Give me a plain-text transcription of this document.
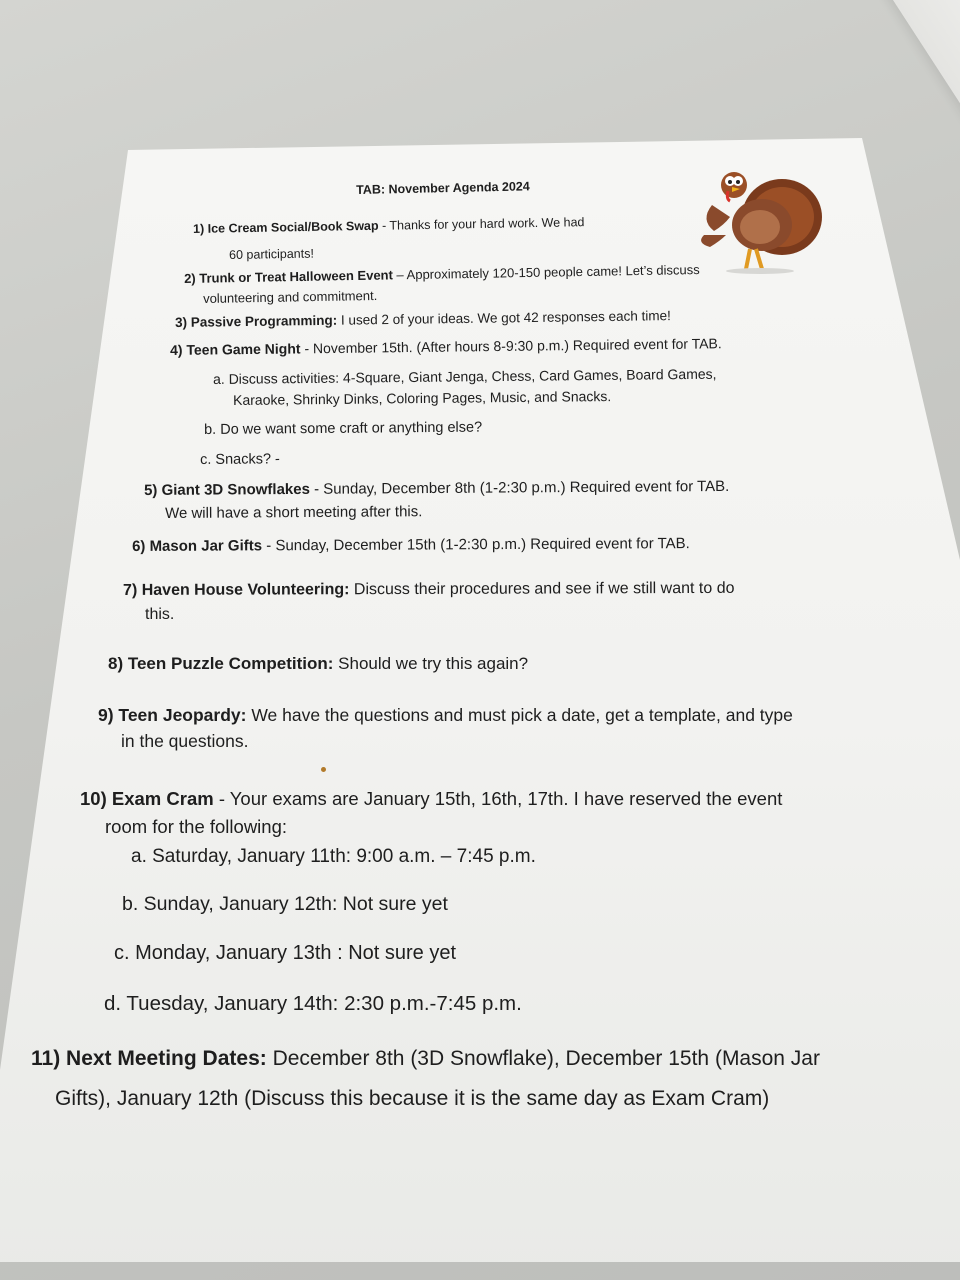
TAB: November Agenda 2024
1) Ice Cream Social/Book Swap - Thanks for your hard work. We had
60 participants!
2) Trunk or Treat Halloween Event – Approximately 120-150 people came! Let’s discuss
volunteering and commitment.
3) Passive Programming: I used 2 of your ideas. We got 42 responses each time!
4) Teen Game Night - November 15th. (After hours 8-9:30 p.m.) Required event for TAB.
a. Discuss activities: 4-Square, Giant Jenga, Chess, Card Games, Board Games,
Karaoke, Shrinky Dinks, Coloring Pages, Music, and Snacks.
b. Do we want some craft or anything else?
c. Snacks? -
5) Giant 3D Snowflakes - Sunday, December 8th (1-2:30 p.m.) Required event for TAB.
We will have a short meeting after this.
6) Mason Jar Gifts - Sunday, December 15th (1-2:30 p.m.) Required event for TAB.
7) Haven House Volunteering: Discuss their procedures and see if we still want to do
this.
8) Teen Puzzle Competition: Should we try this again?
9) Teen Jeopardy: We have the questions and must pick a date, get a template, and type
in the questions.
10) Exam Cram - Your exams are January 15th, 16th, 17th. I have reserved the event
room for the following:
a. Saturday, January 11th: 9:00 a.m. – 7:45 p.m.
b. Sunday, January 12th: Not sure yet
c. Monday, January 13th : Not sure yet
d. Tuesday, January 14th: 2:30 p.m.-7:45 p.m.
11) Next Meeting Dates: December 8th (3D Snowflake), December 15th (Mason Jar
Gifts), January 12th (Discuss this because it is the same day as Exam Cram)
